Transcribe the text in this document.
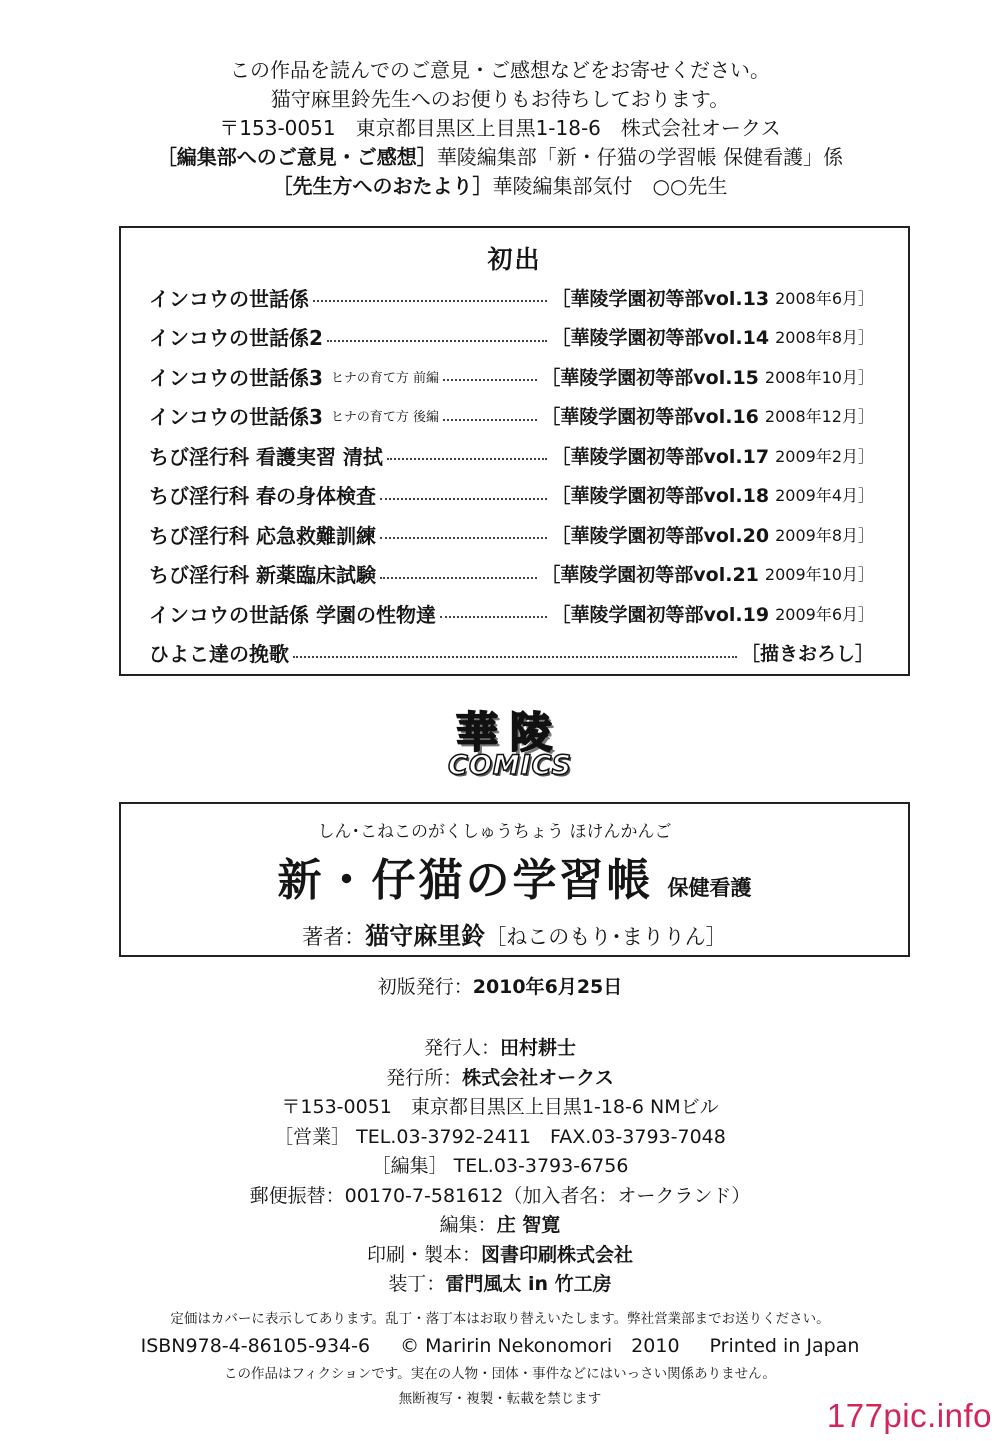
この作品を読んでのご意見・ご感想などをお寄せください。
猫守麻里鈴先生へのお便りもお待ちしております。
〒153-0051　東京都目黒区上目黒1-18-6　株式会社オークス
［編集部へのご意見・ご感想］華陵編集部「新・仔猫の学習帳 保健看護」係
［先生方へのおたより］華陵編集部気付　○○先生
初出
インコウの世話係	［華陵学園初等部vol.13 2008年6月］
インコウの世話係2	［華陵学園初等部vol.14 2008年8月］
インコウの世話係3 ヒナの育て方 前編	［華陵学園初等部vol.15 2008年10月］
インコウの世話係3 ヒナの育て方 後編	［華陵学園初等部vol.16 2008年12月］
ちび淫行科 看護実習 清拭	［華陵学園初等部vol.17 2009年2月］
ちび淫行科 春の身体検査	［華陵学園初等部vol.18 2009年4月］
ちび淫行科 応急救難訓練	［華陵学園初等部vol.20 2009年8月］
ちび淫行科 新薬臨床試験	［華陵学園初等部vol.21 2009年10月］
インコウの世話係 学園の性物達	［華陵学園初等部vol.19 2009年6月］
ひよこ達の挽歌	［描きおろし］
華陵
COMICS
しん･こねこのがくしゅうちょう ほけんかんご
新・仔猫の学習帳 保健看護
著者：猫守麻里鈴［ねこのもり･まりりん］
初版発行：2010年6月25日
発行人：田村耕士
発行所：株式会社オークス
〒153-0051　東京都目黒区上目黒1-18-6 NMビル
［営業］ TEL.03-3792-2411　FAX.03-3793-7048
［編集］ TEL.03-3793-6756
郵便振替：00170-7-581612（加入者名：オークランド）
編集：庄 智寛
印刷・製本：図書印刷株式会社
装丁：雷門風太 in 竹工房
定価はカバーに表示してあります。乱丁・落丁本はお取り替えいたします。弊社営業部までお送りください。
ISBN978-4-86105-934-6 © Maririn Nekonomori　2010 Printed in Japan
この作品はフィクションです。実在の人物・団体・事件などにはいっさい関係ありません。
無断複写・複製・転載を禁じます	177pic.info
